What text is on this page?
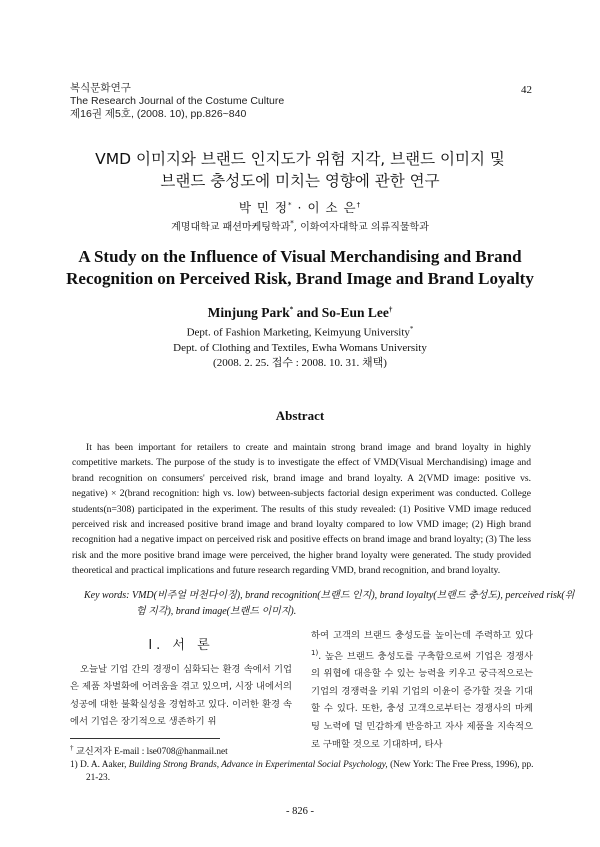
복식문화연구
The Research Journal of the Costume Culture
제16권 제5호, (2008. 10), pp.826~840
42
VMD 이미지와 브랜드 인지도가 위험 지각, 브랜드 이미지 및
브랜드 충성도에 미치는 영향에 관한 연구
박 민 정* · 이 소 은†
계명대학교 패션마케팅학과*, 이화여자대학교 의류직물학과
A Study on the Influence of Visual Merchandising and Brand
Recognition on Perceived Risk, Brand Image and Brand Loyalty
Minjung Park* and So-Eun Lee†
Dept. of Fashion Marketing, Keimyung University*
Dept. of Clothing and Textiles, Ewha Womans University
(2008. 2. 25. 접수 : 2008. 10. 31. 채택)
Abstract
It has been important for retailers to create and maintain strong brand image and brand loyalty in highly competitive markets. The purpose of the study is to investigate the effect of VMD(Visual Merchandising) image and brand recognition on consumers' perceived risk, brand image and brand loyalty. A 2(VMD image: positive vs. negative) × 2(brand recognition: high vs. low) between-subjects factorial design experiment was conducted. College students(n=308) participated in the experiment. The results of this study revealed: (1) Positive VMD image reduced perceived risk and increased positive brand image and brand loyalty compared to low VMD image; (2) High brand recognition had a negative impact on perceived risk and positive effects on brand image and brand loyalty; (3) The less risk and the more positive brand image were perceived, the higher brand loyalty were generated. The study provided theoretical and practical implications and future research regarding VMD, brand recognition, and brand loyalty.
Key words: VMD(비주얼 머천다이징), brand recognition(브랜드 인지), brand loyalty(브랜드 충성도), perceived risk(위험 지각), brand image(브랜드 이미지).
Ⅰ. 서 론

오늘날 기업 간의 경쟁이 심화되는 환경 속에서 기업은 제품 차별화에 어려움을 겪고 있으며, 시장 내에서의 성공에 대한 불확실성을 경험하고 있다. 이러한 환경 속에서 기업은 장기적으로 생존하기 위

하여 고객의 브랜드 충성도를 높이는데 주력하고 있다$^{1)}$. 높은 브랜드 충성도를 구축함으로써 기업은 경쟁사의 위협에 대응할 수 있는 능력을 키우고 궁극적으로는 기업의 경쟁력을 키워 기업의 이윤이 증가할 것을 기대할 수 있다. 또한, 충성 고객으로부터는 경쟁사의 마케팅 노력에 덜 민감하게 반응하고 자사 제품을 지속적으로 구매할 것으로 기대하며, 타사

† 교신저자 E-mail : lse0708@hanmail.net

1) D. A. Aaker, Building Strong Brands, Advance in Experimental Social Psychology, (New York: The Free Press, 1996), pp. 21-23.

- 826 -
